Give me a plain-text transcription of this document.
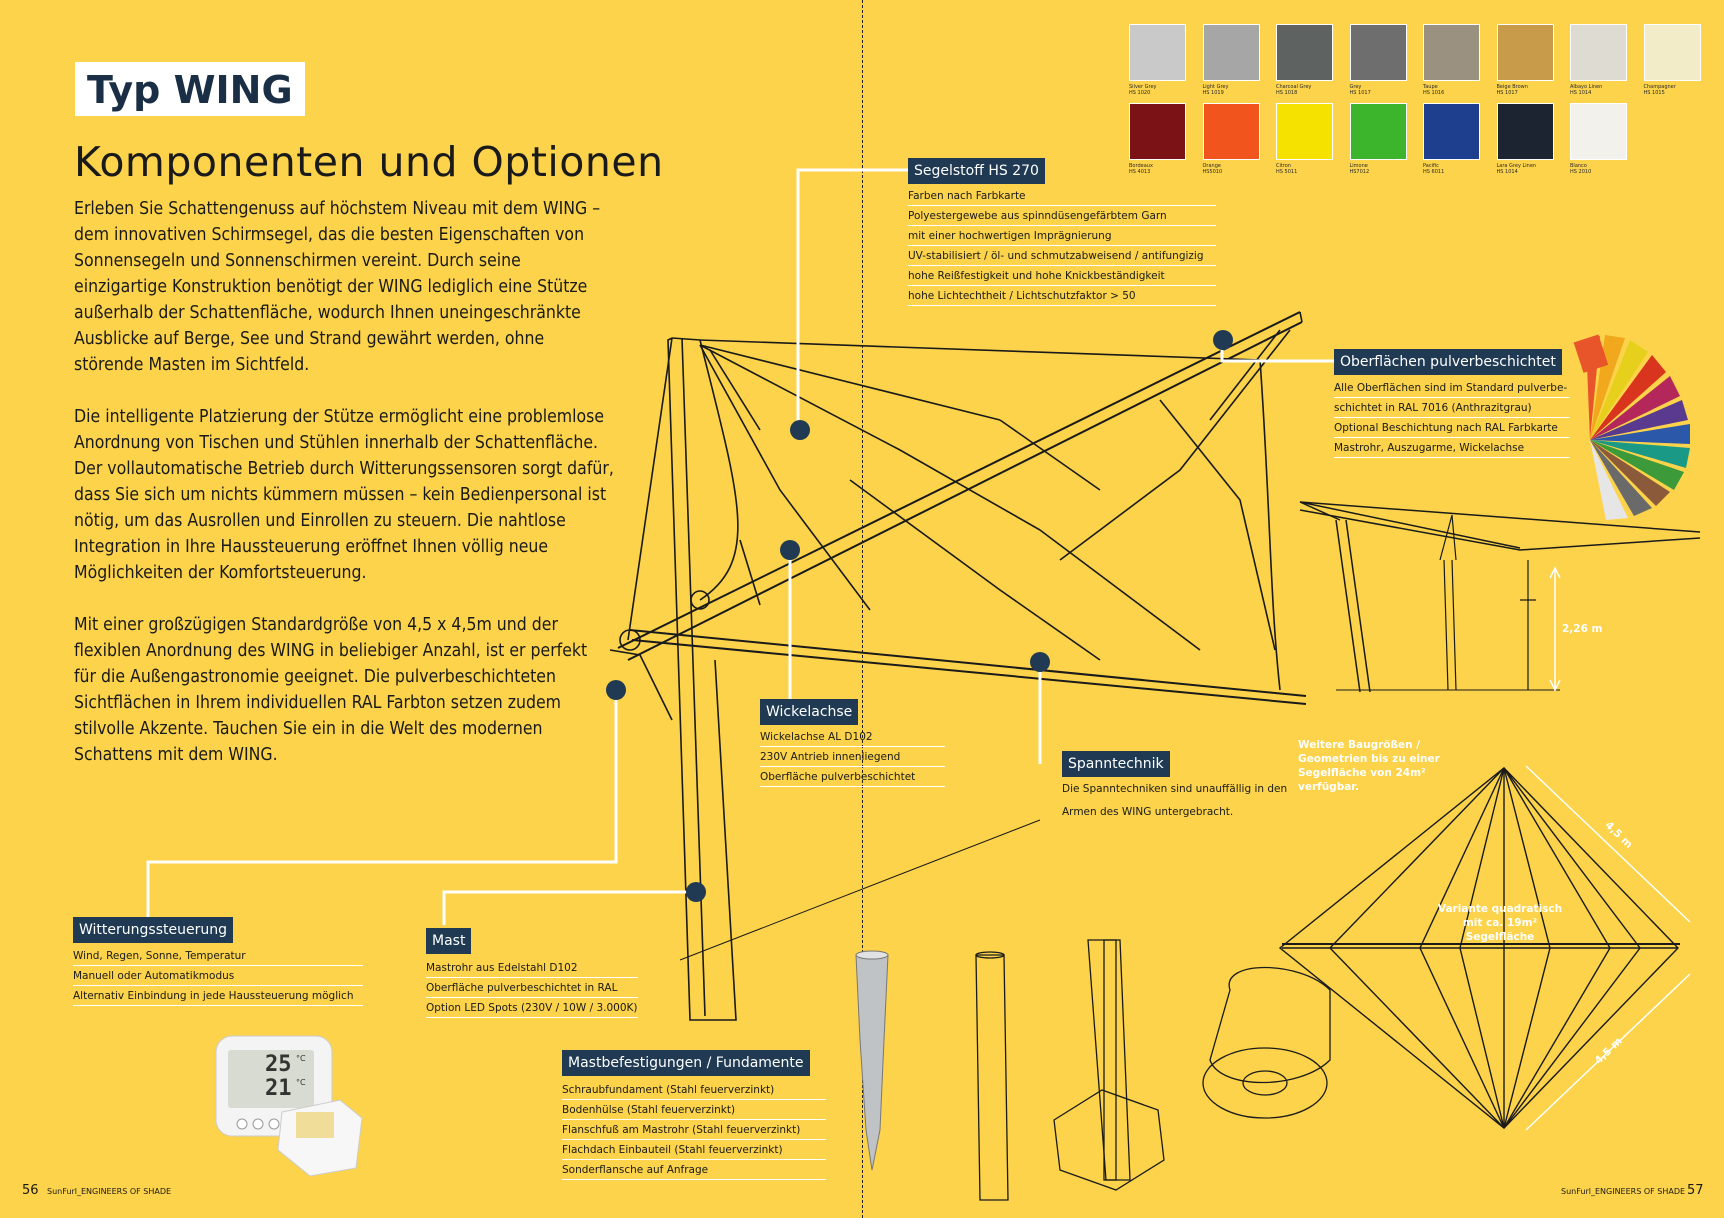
Typ WING
Komponenten und Optionen

Erleben Sie Schattengenuss auf höchstem Niveau mit dem WING – dem innovativen Schirmsegel, das die besten Eigenschaften von Sonnensegeln und Sonnenschirmen vereint. Durch seine einzigartige Konstruktion benötigt der WING lediglich eine Stütze außerhalb der Schattenfläche, wodurch Ihnen uneingeschränkte Ausblicke auf Berge, See und Strand gewährt werden, ohne störende Masten im Sichtfeld.

Die intelligente Platzierung der Stütze ermöglicht eine problemlose Anordnung von Tischen und Stühlen innerhalb der Schattenfläche. Der vollautomatische Betrieb durch Witterungssensoren sorgt dafür, dass Sie sich um nichts kümmern müssen – kein Bedienpersonal ist nötig, um das Ausrollen und Einrollen zu steuern. Die nahtlose Integration in Ihre Haussteuerung eröffnet Ihnen völlig neue Möglichkeiten der Komfortsteuerung.

Mit einer großzügigen Standardgröße von 4,5 x 4,5m und der flexiblen Anordnung des WING in beliebiger Anzahl, ist er perfekt für die Außengastronomie geeignet. Die pulverbeschichteten Sichtflächen in Ihrem individuellen RAL Farbton setzen zudem stilvolle Akzente. Tauchen Sie ein in die Welt des modernen Schattens mit dem WING.

25
21
°C
°C
Segelstoff HS 270
Farben nach Farbkarte
Polyestergewebe aus spinndüsengefärbtem Garn
mit einer hochwertigen Imprägnierung
UV-stabilisiert / öl- und schmutzabweisend / antifungizig
hohe Reißfestigkeit und hohe Knickbeständigkeit
hohe Lichtechtheit / Lichtschutzfaktor > 50
Oberflächen pulverbeschichtet
Alle Oberflächen sind im Standard pulverbe-
schichtet in RAL 7016 (Anthrazitgrau)
Optional Beschichtung nach RAL Farbkarte
Mastrohr, Auszugarme, Wickelachse
Wickelachse
Wickelachse AL D102
230V Antrieb innenliegend
Oberfläche pulverbeschichtet
Spanntechnik
Die Spanntechniken sind unauffällig in den
Armen des WING untergebracht.
Witterungssteuerung
Wind, Regen, Sonne, Temperatur
Manuell oder Automatikmodus
Alternativ Einbindung in jede Haussteuerung möglich
Mast
Mastrohr aus Edelstahl D102
Oberfläche pulverbeschichtet in RAL
Option LED Spots (230V / 10W / 3.000K)
Mastbefestigungen / Fundamente
Schraubfundament (Stahl feuerverzinkt)
Bodenhülse (Stahl feuerverzinkt)
Flanschfuß am Mastrohr (Stahl feuerverzinkt)
Flachdach Einbauteil (Stahl feuerverzinkt)
Sonderflansche auf Anfrage
Silver Grey
HS 1020
Light Grey
HS 1019
Charcoal Grey
HS 1018
Grey
HS 1017
Taupe
HS 1016
Beige Brown
HS 1017
Albayo Linen
HS 1014
Champagner
HS 1015
Bordeaux
HS 4013
Orange
HS5010
Citron
HS 5011
Limone
HS7012
Pacific
HS 6011
Lara Grey Linen
HS 1014
Blanco
HS 2010
2,26 m
Weitere Baugrößen / Geometrien bis zu einer Segelfläche von 24m² verfügbar.
Variante quadratisch mit ca. 19m² Segelfläche
4,5 m
4,5 m
56 SunFurl_ENGINEERS OF SHADE	SunFurl_ENGINEERS OF SHADE 57
